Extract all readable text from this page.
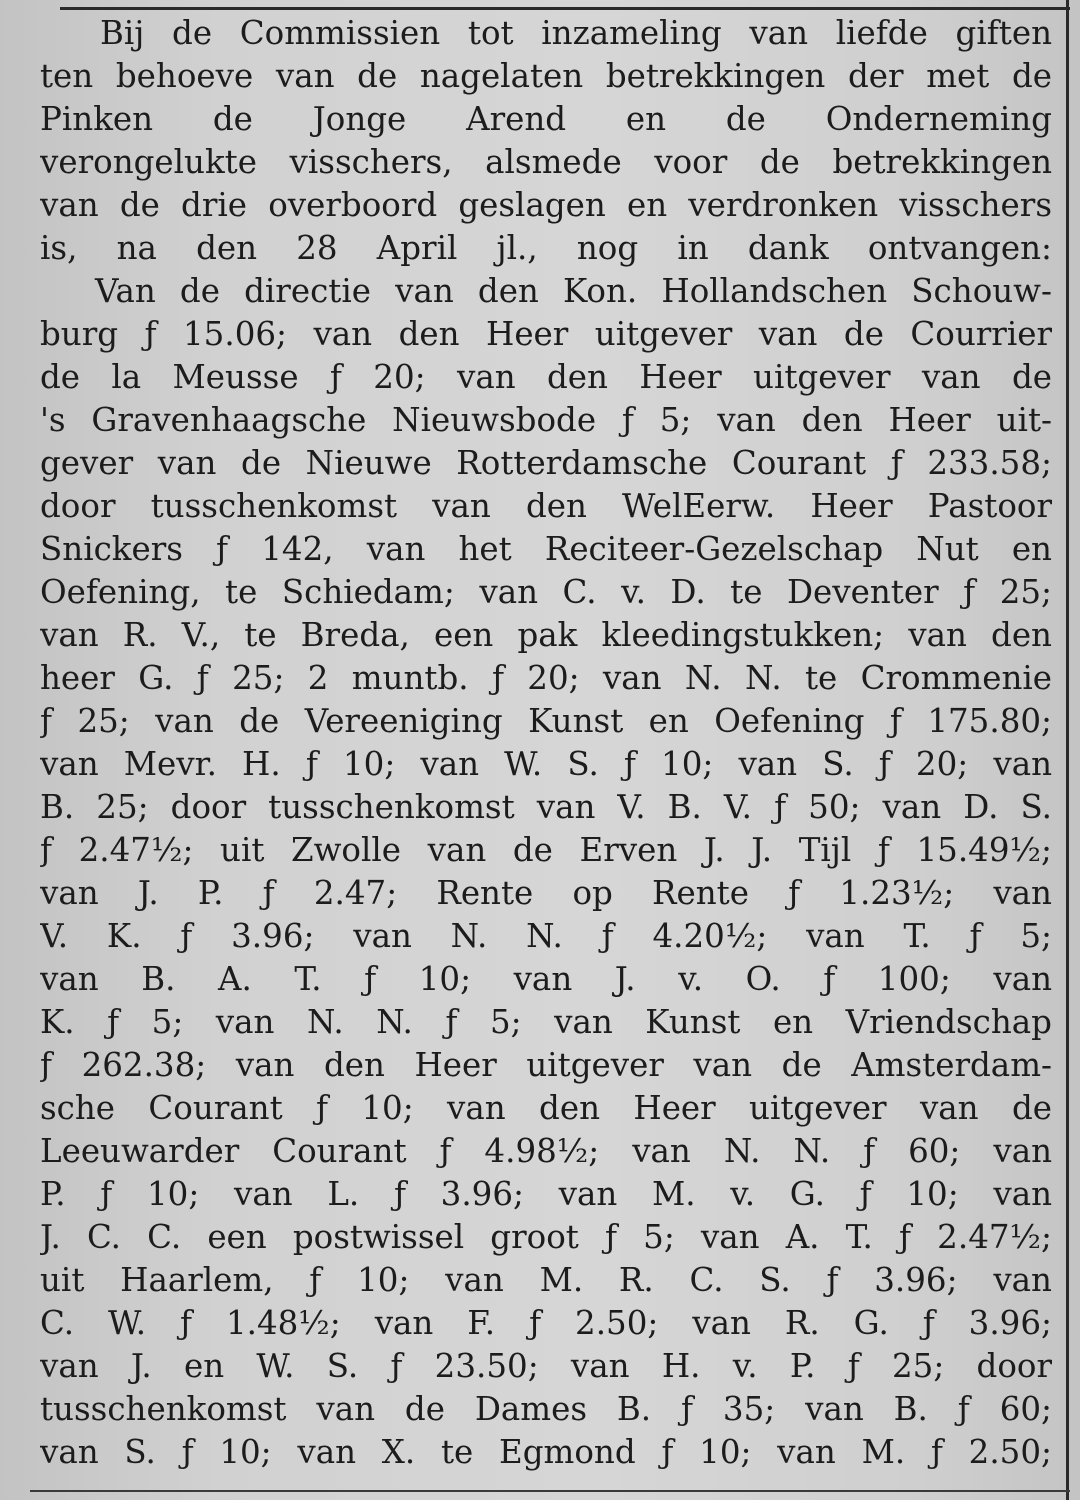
Bij de Commissien tot inzameling van liefde giften
ten behoeve van de nagelaten betrekkingen der met de
Pinken de Jonge Arend en de Onderneming
verongelukte visschers, alsmede voor de betrekkingen
van de drie overboord geslagen en verdronken visschers
is, na den 28 April jl., nog in dank ontvangen:
Van de directie van den Kon. Hollandschen Schouw-
burg ƒ 15.06; van den Heer uitgever van de Courrier
de la Meusse ƒ 20; van den Heer uitgever van de
's Gravenhaagsche Nieuwsbode ƒ 5; van den Heer uit-
gever van de Nieuwe Rotterdamsche Courant ƒ 233.58;
door tusschenkomst van den WelEerw. Heer Pastoor
Snickers ƒ 142, van het Reciteer-Gezelschap Nut en
Oefening, te Schiedam; van C. v. D. te Deventer ƒ 25;
van R. V., te Breda, een pak kleedingstukken; van den
heer G. ƒ 25; 2 muntb. ƒ 20; van N. N. te Crommenie
ƒ 25; van de Vereeniging Kunst en Oefening ƒ 175.80;
van Mevr. H. ƒ 10; van W. S. ƒ 10; van S. ƒ 20; van
B. 25; door tusschenkomst van V. B. V. ƒ 50; van D. S.
ƒ 2.47½; uit Zwolle van de Erven J. J. Tijl ƒ 15.49½;
van J. P. ƒ 2.47; Rente op Rente ƒ 1.23½; van
V. K. ƒ 3.96; van N. N. ƒ 4.20½; van T. ƒ 5;
van B. A. T. ƒ 10; van J. v. O. ƒ 100; van
K. ƒ 5; van N. N. ƒ 5; van Kunst en Vriendschap
ƒ 262.38; van den Heer uitgever van de Amsterdam-
sche Courant ƒ 10; van den Heer uitgever van de
Leeuwarder Courant ƒ 4.98½; van N. N. ƒ 60; van
P. ƒ 10; van L. ƒ 3.96; van M. v. G. ƒ 10; van
J. C. C. een postwissel groot ƒ 5; van A. T. ƒ 2.47½;
uit Haarlem, ƒ 10; van M. R. C. S. ƒ 3.96; van
C. W. ƒ 1.48½; van F. ƒ 2.50; van R. G. ƒ 3.96;
van J. en W. S. ƒ 23.50; van H. v. P. ƒ 25; door
tusschenkomst van de Dames B. ƒ 35; van B. ƒ 60;
van S. ƒ 10; van X. te Egmond ƒ 10; van M. ƒ 2.50;
